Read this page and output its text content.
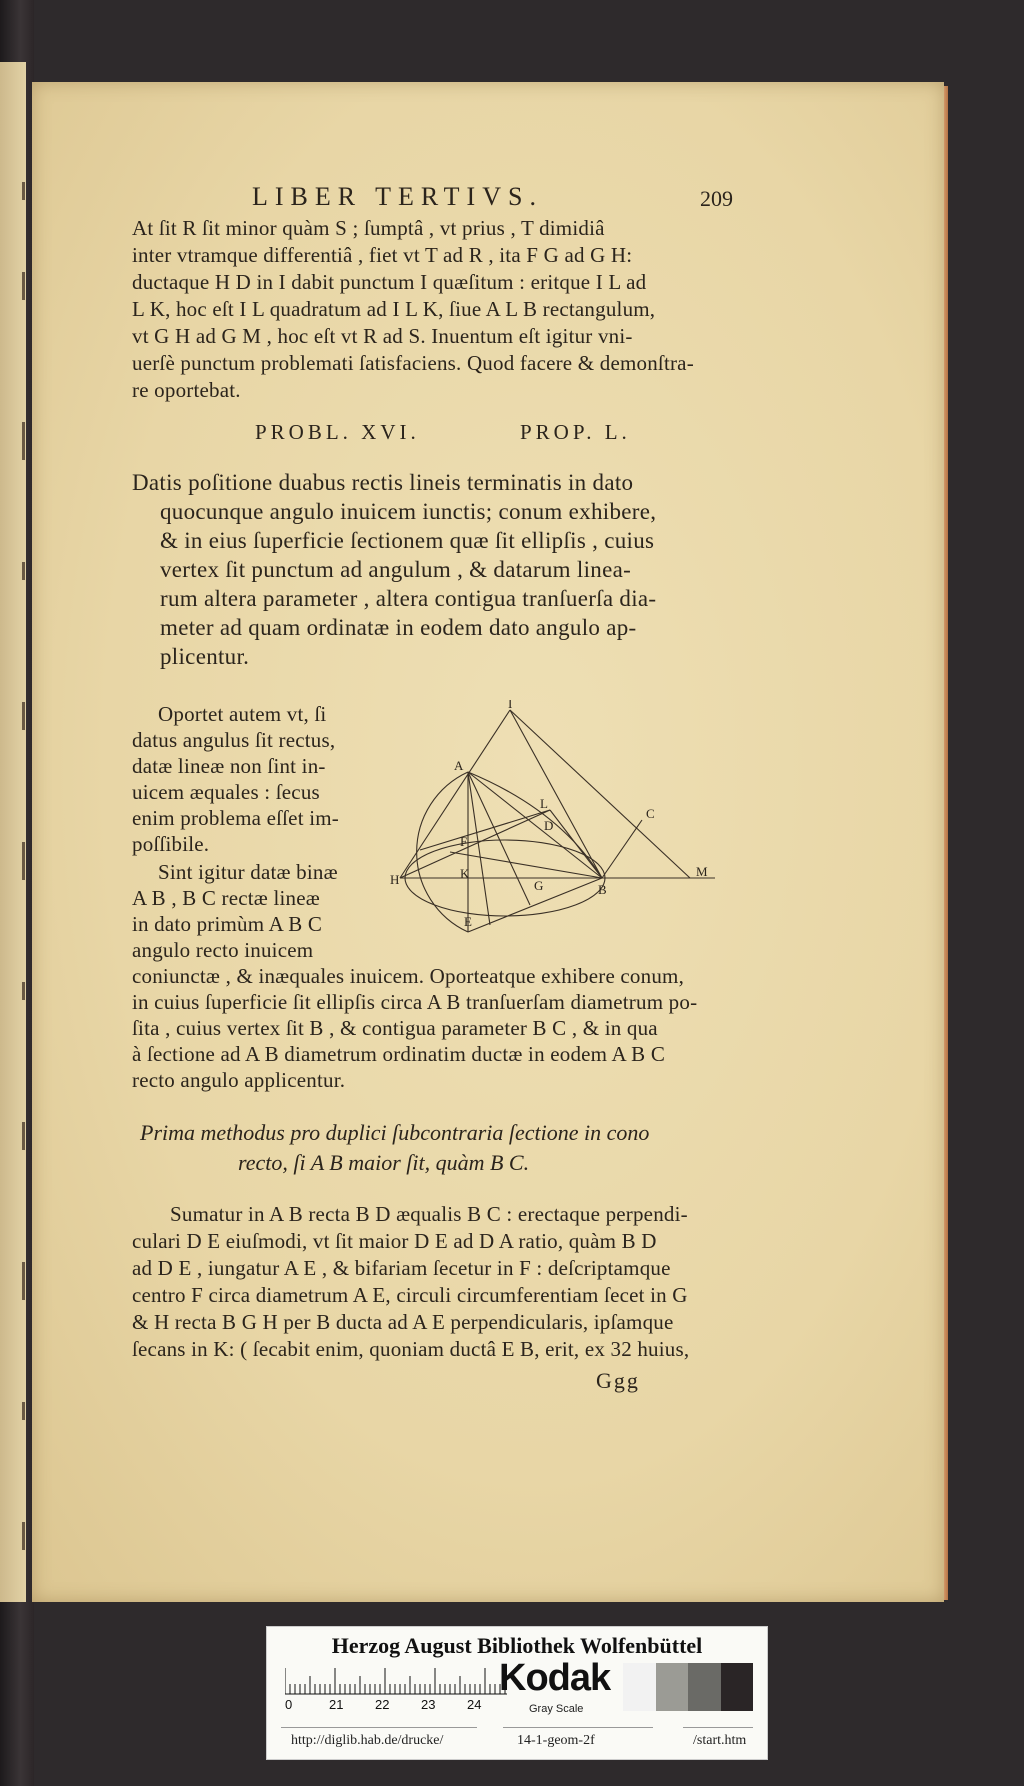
LIBER TERTIVS.	209
At ſit R ſit minor quàm S ; ſumptâ , vt prius , T dimidiâ
inter vtramque differentiâ , fiet vt T ad R , ita F G ad G H:
ductaque H D in I dabit punctum I quæſitum : eritque I L ad
L K, hoc eſt I L quadratum ad I L K, ſiue A L B rectangulum,
vt G H ad G M , hoc eſt vt R ad S. Inuentum eſt igitur vni-
uerſè punctum problemati ſatisfaciens. Quod facere & demonſtra-
re oportebat.
PROBL. XVI.	PROP. L.
Datis poſitione duabus rectis lineis terminatis in dato
quocunque angulo inuicem iunctis; conum exhibere,
& in eius ſuperficie ſectionem quæ ſit ellipſis , cuius
vertex ſit punctum ad angulum , & datarum linea-
rum altera parameter , altera contigua tranſuerſa dia-
meter ad quam ordinatæ in eodem dato angulo ap-
plicentur.
Oportet autem vt, ſi
datus angulus ſit rectus,
datæ lineæ non ſint in-
uicem æquales : ſecus
enim problema eſſet im-
poſſibile.
Sint igitur datæ binæ
A B , B C rectæ lineæ
in dato primùm A B C
angulo recto inuicem
I
A
L
C
D
F
K
H	G	B
M
E
coniunctæ , & inæquales inuicem. Oporteatque exhibere conum,
in cuius ſuperficie ſit ellipſis circa A B tranſuerſam diametrum po-
ſita , cuius vertex ſit B , & contigua parameter B C , & in qua
à ſectione ad A B diametrum ordinatim ductæ in eodem A B C
recto angulo applicentur.
Prima methodus pro duplici ſubcontraria ſectione in cono
recto, ſi A B maior ſit, quàm B C.
Sumatur in A B recta B D æqualis B C : erectaque perpendi-
culari D E eiuſmodi, vt ſit maior D E ad D A ratio, quàm B D
ad D E , iungatur A E , & bifariam ſecetur in F : deſcriptamque
centro F circa diametrum A E, circuli circumferentiam ſecet in G
& H recta B G H per B ducta ad A E perpendicularis, ipſamque
ſecans in K: ( ſecabit enim, quoniam ductâ E B, erit, ex 32 huius,
Ggg
Herzog August Bibliothek Wolfenbüttel
0	21 22 23 24
Kodak
Gray Scale
http://diglib.hab.de/drucke/	14-1-geom-2f	/start.htm
